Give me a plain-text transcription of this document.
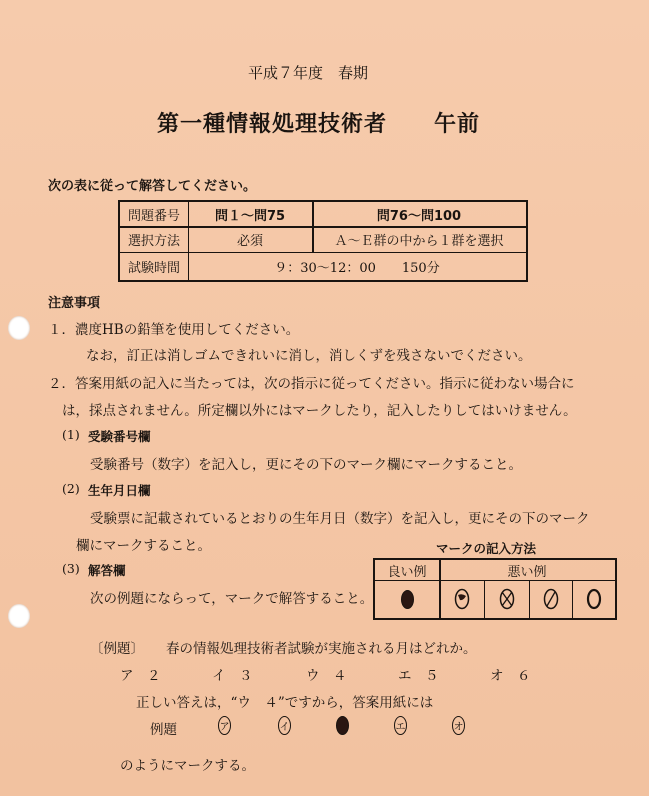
平成７年度　春期
第一種情報処理技術者 午前
次の表に従って解答してください。
問題番号	問１～問75	問76～問100
選択方法	必須	Ａ～Ｅ群の中から１群を選択
試験時間	９：30～12：00　　150分
注意事項
１．濃度HBの鉛筆を使用してください。
なお，訂正は消しゴムできれいに消し，消しくずを残さないでください。
２．答案用紙の記入に当たっては，次の指示に従ってください。指示に従わない場合に
は，採点されません。所定欄以外にはマークしたり，記入したりしてはいけません。
(1) 受験番号欄
受験番号（数字）を記入し，更にその下のマーク欄にマークすること。
(2) 生年月日欄
受験票に記載されているとおりの生年月日（数字）を記入し，更にその下のマーク
欄にマークすること。
(3) 解答欄
次の例題にならって，マークで解答すること。
マークの記入方法
良い例	悪い例
〔例題〕 春の情報処理技術者試験が実施される月はどれか。
ア　２	イ　３	ウ　４	エ　５	オ　６
正しい答えは，“ウ　４”ですから，答案用紙には
例題	ア	イ	ウ	エ	オ
のようにマークする。
